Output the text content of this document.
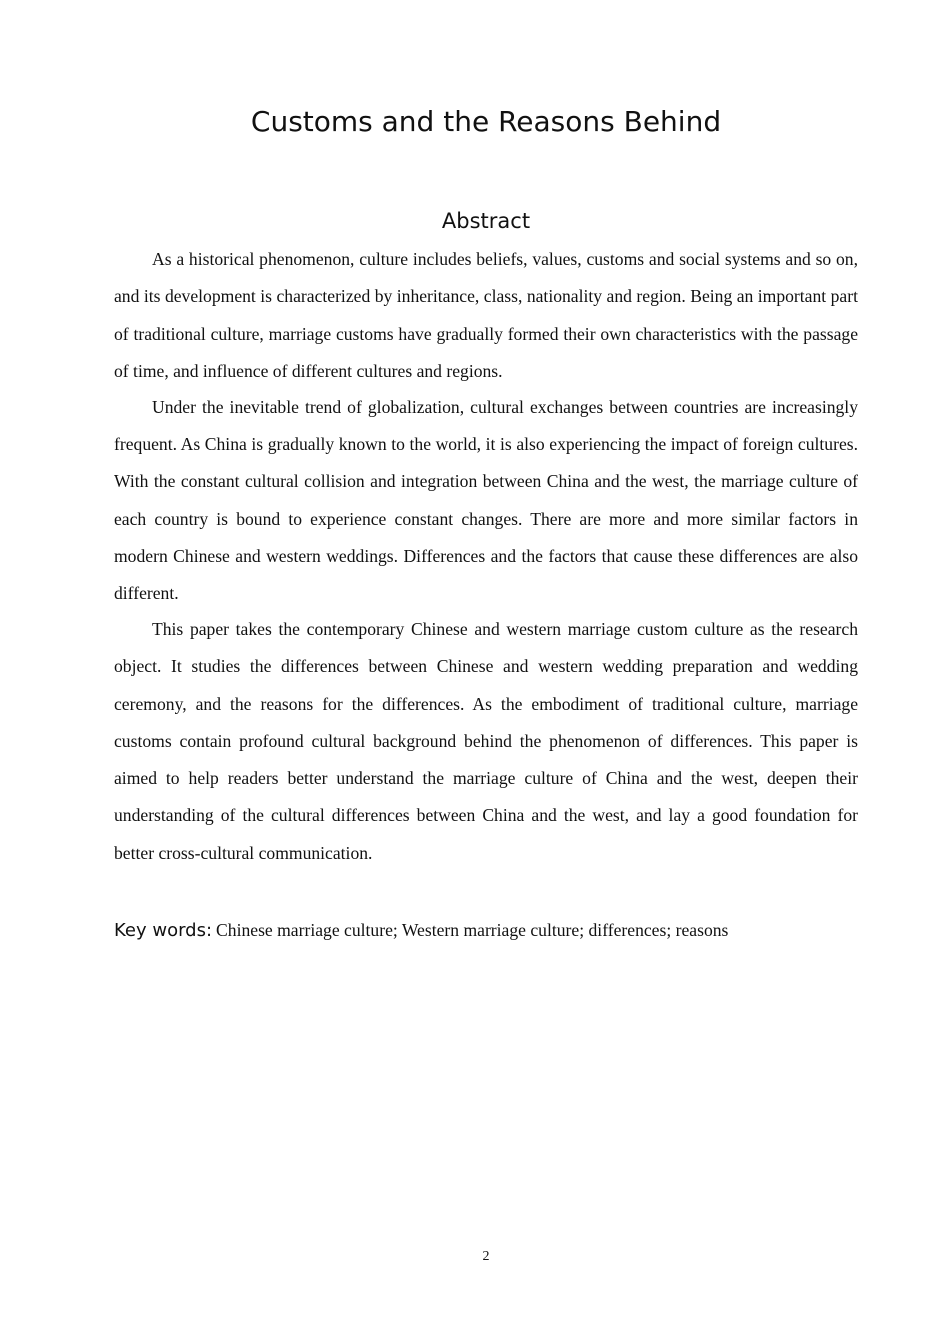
Customs and the Reasons Behind
Abstract

As a historical phenomenon, culture includes beliefs, values, customs and social systems and so on, and its development is characterized by inheritance, class, nationality and region. Being an important part of traditional culture, marriage customs have gradually formed their own characteristics with the passage of time, and influence of different cultures and regions.

Under the inevitable trend of globalization, cultural exchanges between countries are increasingly frequent. As China is gradually known to the world, it is also experiencing the impact of foreign cultures. With the constant cultural collision and integration between China and the west, the marriage culture of each country is bound to experience constant changes. There are more and more similar factors in modern Chinese and western weddings. Differences and the factors that cause these differences are also different.

This paper takes the contemporary Chinese and western marriage custom culture as the research object. It studies the differences between Chinese and western wedding preparation and wedding ceremony, and the reasons for the differences. As the embodiment of traditional culture, marriage customs contain profound cultural background behind the phenomenon of differences. This paper is aimed to help readers better understand the marriage culture of China and the west, deepen their understanding of the cultural differences between China and the west, and lay a good foundation for better cross-cultural communication.

Key words: Chinese marriage culture; Western marriage culture; differences; reasons
2
